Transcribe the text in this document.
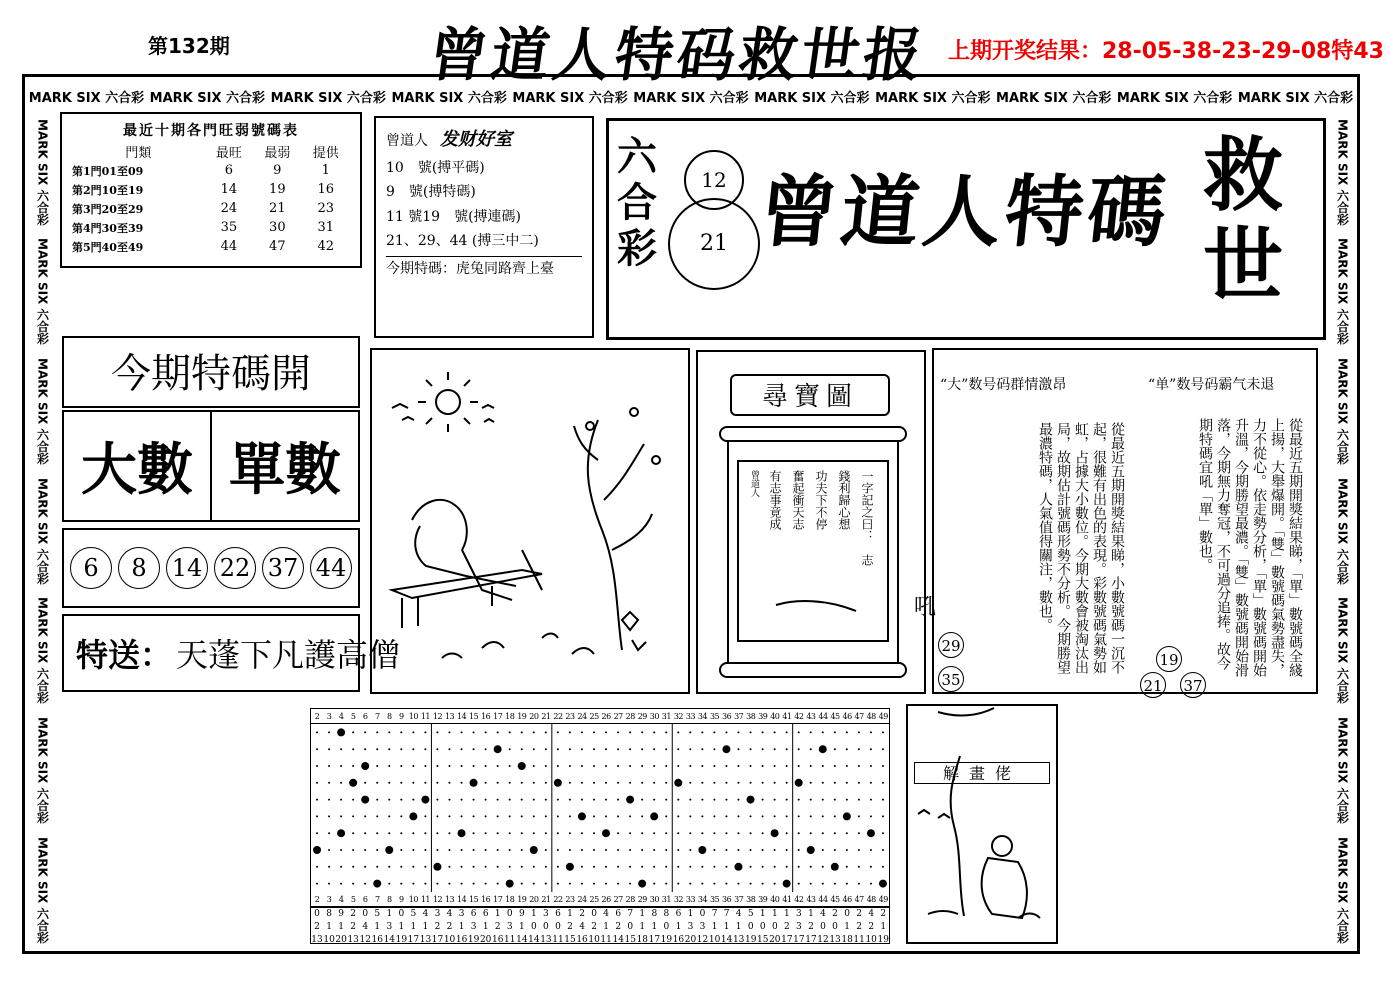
第132期	曾道人特码救世报 上期开奖结果：28-05-38-23-29-08特43
MARK SIX 六合彩 MARK SIX 六合彩 MARK SIX 六合彩 MARK SIX 六合彩 MARK SIX 六合彩 MARK SIX 六合彩 MARK SIX 六合彩 MARK SIX 六合彩 MARK SIX 六合彩 MARK SIX 六合彩 MARK SIX 六合彩
MARK SIX 六合彩
MARK SIX 六合彩
MARK SIX 六合彩
MARK SIX 六合彩
MARK SIX 六合彩
MARK SIX 六合彩
MARK SIX 六合彩
MARK SIX 六合彩
MARK SIX 六合彩
MARK SIX 六合彩
MARK SIX 六合彩
MARK SIX 六合彩
MARK SIX 六合彩
MARK SIX 六合彩
最近十期各門旺弱號碼表
門類	最旺	最弱	提供
第1門01至09	6	9	1
第2門10至19	14	19	16
第3門20至29	24	21	23
第4門30至39	35	30	31
第5門40至49	44	47	42
曾道人 发财好室
10　號(搏平碼)
9　號(搏特碼)
11 號19　號(搏連碼)
21、29、44 (搏三中二)
今期特碼：虎兔同路齊上臺
六合彩
12
21 曾道人特碼 救世
今期特碼開
大數 單數
6	8	14 22 37 44
特送： 天蓬下凡護高僧
尋寶圖
一字記之曰：　志
錢利歸心想
功夫下不停
奮起衝天志
有志事竟成
曾道人
“大”数号码群情激昂	“单”数号码霸气未退
從最近五期開獎結果睇，小數號碼一沉不起，很難有出色的表現。彩數號碼氣勢如虹，占據大小數位。今期大數會被淘汰出局，故期估計號碼形勢不分析。今期勝望最濃特碼，人氣值得關注，數也。	從最近五期開獎結果睇，「單」數號碼全綫上揚，大舉爆開。「雙」數號碼氣勢盡失，力不從心。依走勢分析，「單」數號碼開始升溫，今期勝望最濃。「雙」數號碼開始滑落，今期無力奪冠，不可過分追捧。故今期特碼宜吼「單」數也。
吼
29
35
19
21 37
2 3 4 5 6 7 8 9 10 11 12 13 14 15 16 17 18 19 20 21 22 23 24 25 26 27 28 29 30 31 32 33 34 35 36 37 38 39 40 41 42 43 44 45 46 47 48 49
2 3 4 5 6 7 8 9 10 11 12 13 14 15 16 17 18 19 20 21 22 23 24 25 26 27 28 29 30 31 32 33 34 35 36 37 38 39 40 41 42 43 44 45 46 47 48 49
0 8 9 2 0 5 1 0 5 4 3 4 3 6 6 1 0 9 1 3 6 1 2 0 4 6 7 1 8 8 6 1 0 7 7 4 5 1 1 1 3 1 4 2 0 2 4 2
2 1 1 2 4 1 3 1 1 1 2 2 1 3 1 2 3 1 0 0 0 2 4 2 1 2 0 1 1 0 1 3 3 1 1 1 0 0 0 2 3 2 0 0 1 2 2 1
13 10 20 13 12 16 14 19 17 13 17 10 16 19 20 16 11 14 14 13 11 15 16 10 11 14 15 18 17 19 16 20 12 10 14 13 19 15 20 17 17 17 12 13 18 11 10 19
解畫佬
